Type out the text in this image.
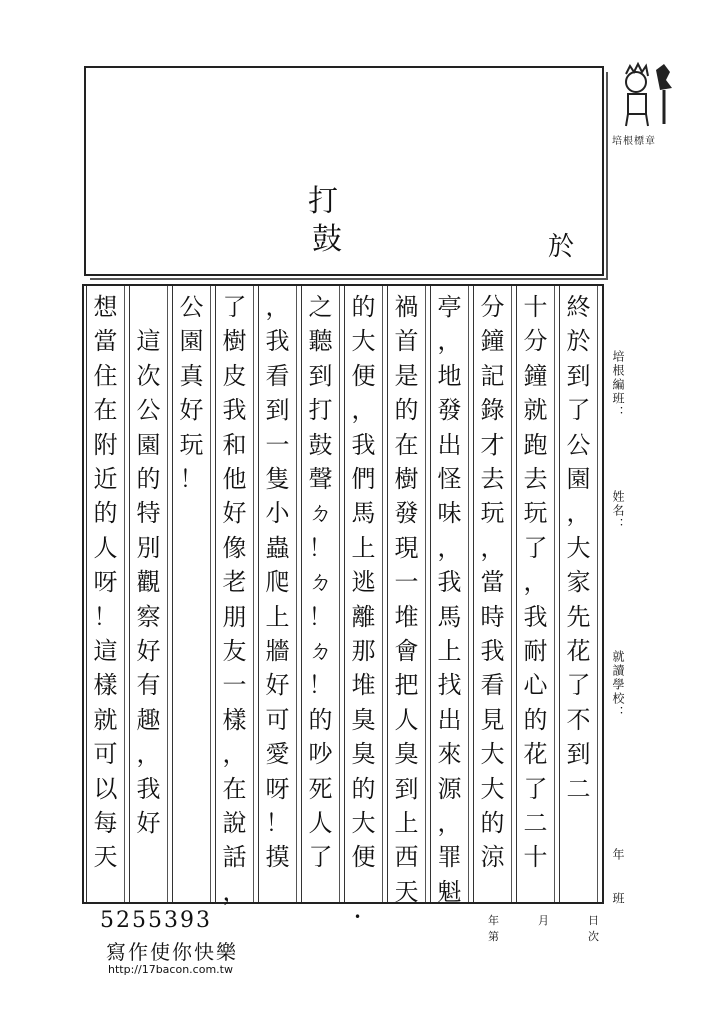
打
鼓	於
培根標章
終
於
到
了
公
園
，
大
家
先
花
了
不
到
二
十
分
鐘
就
跑
去
玩
了
，
我
耐
心
的
花
了
二
十
分
鐘
記
錄
才
去
玩
，
當
時
我
看
見
大
大
的
涼
亭
，
地
發
出
怪
味
，
我
馬
上
找
出
來
源
，
罪
魁
禍
首
是
的
在
樹
發
現
一
堆
會
把
人
臭
到
上
西
天
的
大
便
，
我
們
馬
上
逃
離
那
堆
臭
臭
的
大
便
之
聽
到
打
鼓
聲
ㄉ
！
ㄉ
！
ㄉ
！
的
吵
死
人
了
，
我
看
到
一
隻
小
蟲
爬
上
牆
好
可
愛
呀
！
摸
了
樹
皮
我
和
他
好
像
老
朋
友
一
樣
，
在
說
話
，
公
園
真
好
玩
！
這
次
公
園
的
特
別
觀
察
好
有
趣
，
我
好
想
當
住
在
附
近
的
人
呀
！
這
樣
就
可
以
每
天
培根編班：
姓名：
就讀學校：
年
班
5255393
寫作使你快樂
http://17bacon.com.tw
年	月	日
第	次
•
